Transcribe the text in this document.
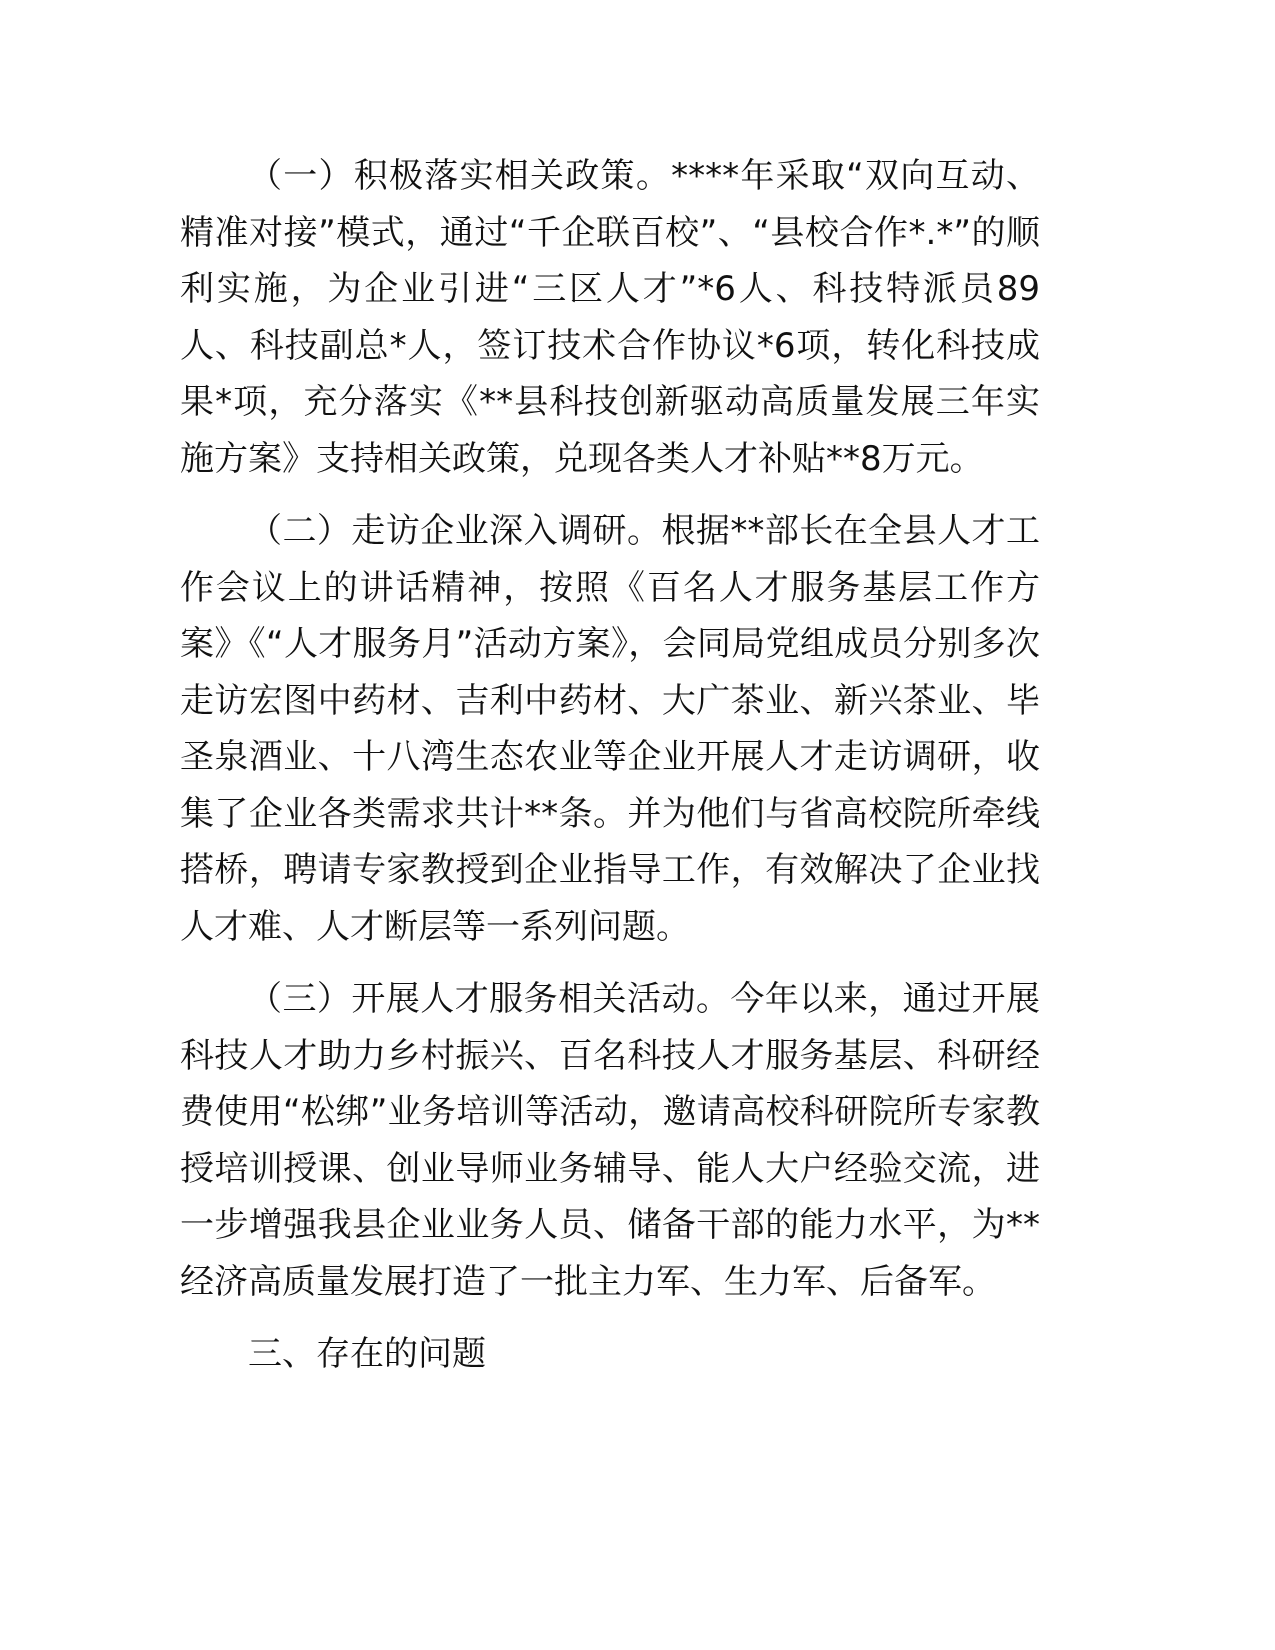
（一）积极落实相关政策。****年采取“双向互动、精准对接”模式，通过“千企联百校”、“县校合作*.*”的顺利实施，为企业引进“三区人才”*6人、科技特派员89人、科技副总*人，签订技术合作协议*6项，转化科技成果*项，充分落实《**县科技创新驱动高质量发展三年实施方案》支持相关政策，兑现各类人才补贴**8万元。

（二）走访企业深入调研。根据**部长在全县人才工作会议上的讲话精神，按照《百名人才服务基层工作方案》《“人才服务月”活动方案》，会同局党组成员分别多次走访宏图中药材、吉利中药材、大广茶业、新兴茶业、毕圣泉酒业、十八湾生态农业等企业开展人才走访调研，收集了企业各类需求共计**条。并为他们与省高校院所牵线搭桥，聘请专家教授到企业指导工作，有效解决了企业找人才难、人才断层等一系列问题。

（三）开展人才服务相关活动。今年以来，通过开展科技人才助力乡村振兴、百名科技人才服务基层、科研经费使用“松绑”业务培训等活动，邀请高校科研院所专家教授培训授课、创业导师业务辅导、能人大户经验交流，进一步增强我县企业业务人员、储备干部的能力水平，为**经济高质量发展打造了一批主力军、生力军、后备军。

三、存在的问题
